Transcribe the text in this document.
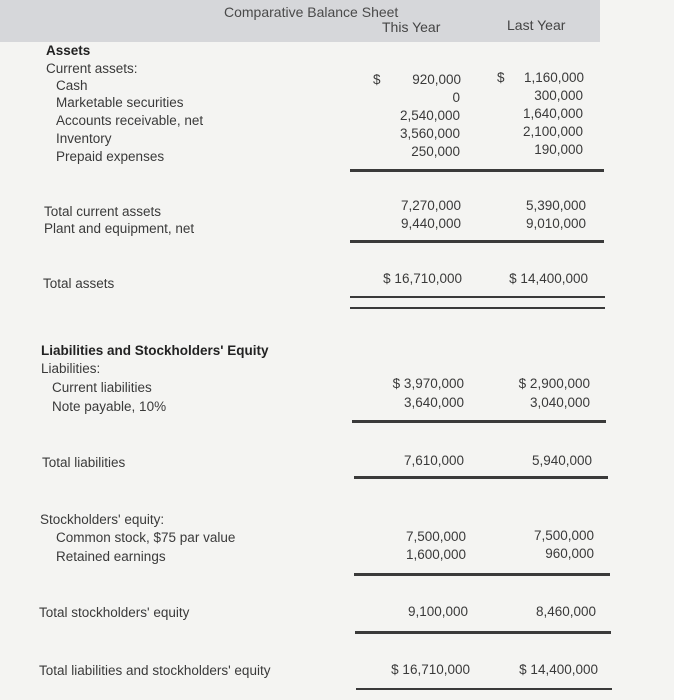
Comparative Balance Sheet
This Year	Last Year
Assets
Current assets:
Cash	$	920,000	$	1,160,000
Marketable securities	0	300,000
Accounts receivable, net	2,540,000	1,640,000
Inventory	3,560,000	2,100,000
Prepaid expenses	250,000	190,000
Total current assets	7,270,000	5,390,000
Plant and equipment, net	9,440,000	9,010,000
Total assets	$ 16,710,000	$ 14,400,000
Liabilities and Stockholders' Equity
Liabilities:
Current liabilities	$ 3,970,000	$ 2,900,000
Note payable, 10%	3,640,000	3,040,000
Total liabilities	7,610,000	5,940,000
Stockholders' equity:
Common stock, $75 par value	7,500,000	7,500,000
Retained earnings	1,600,000	960,000
Total stockholders' equity	9,100,000	8,460,000
Total liabilities and stockholders' equity	$ 16,710,000	$ 14,400,000
